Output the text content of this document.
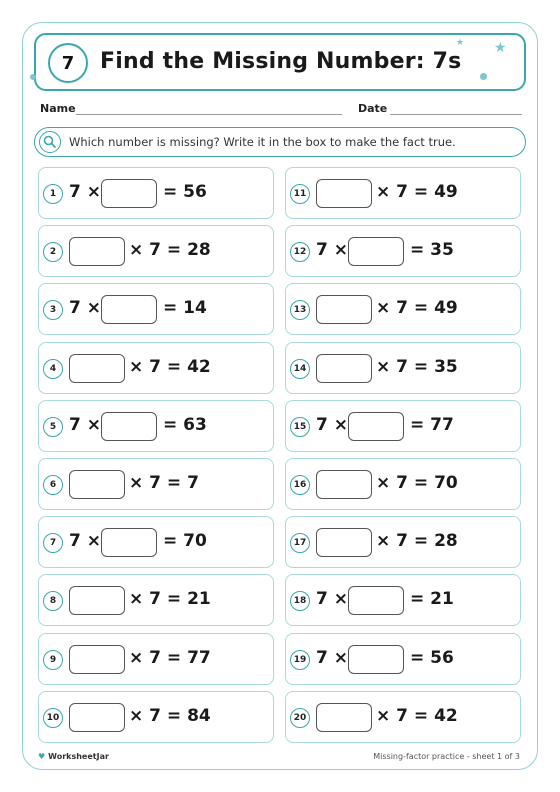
7	Find the Missing Number: 7s
★ ★
Name	Date
Which number is missing? Write it in the box to make the fact true.
1 7 ×	= 56
2	× 7 = 28
3 7 ×	= 14
4	× 7 = 42
5 7 ×	= 63
6	× 7 = 7
7 7 ×	= 70
8	× 7 = 21
9	× 7 = 77
10	× 7 = 84
11	× 7 = 49
12 7 ×	= 35
13	× 7 = 49
14	× 7 = 35
15 7 ×	= 77
16	× 7 = 70
17	× 7 = 28
18 7 ×	= 21
19 7 ×	= 56
20	× 7 = 42
♥ WorksheetJar	Missing-factor practice - sheet 1 of 3
